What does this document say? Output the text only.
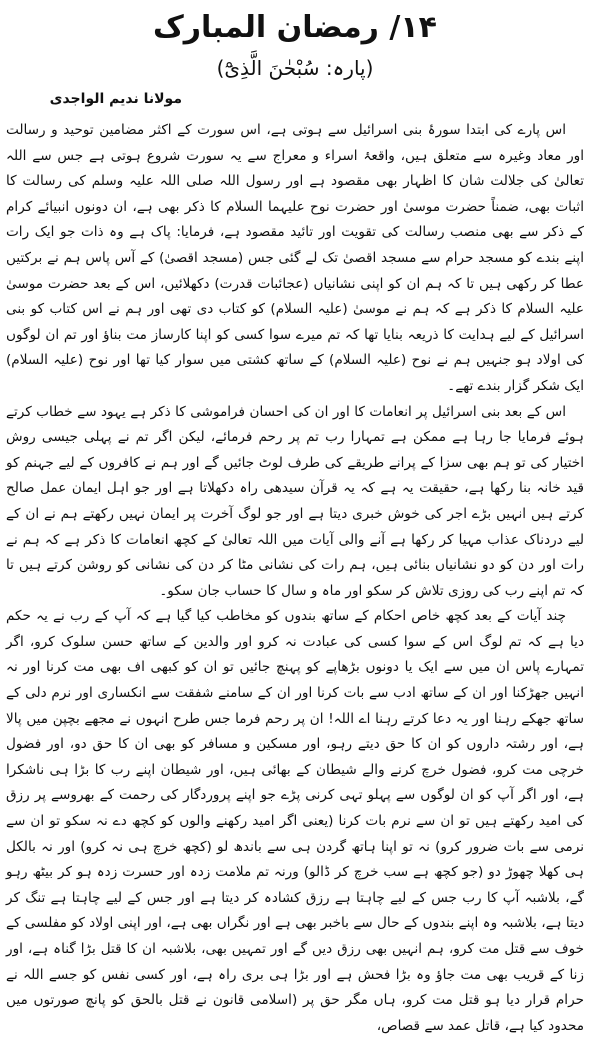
۱۴/ رمضان المبارک
(پارہ: سُبْحٰنَ الَّذِیْٓ)
مولانا ندیم الواجدی

اس پارے کی ابتدا سورۂ بنی اسرائیل سے ہوتی ہے، اس سورت کے اکثر مضامین توحید و رسالت اور معاد وغیرہ سے متعلق ہیں، واقعۂ اسراء و معراج سے یہ سورت شروع ہوتی ہے جس سے اللہ تعالیٰ کی جلالت شان کا اظہار بھی مقصود ہے اور رسول اللہ صلی اللہ علیہ وسلم کی رسالت کا اثبات بھی، ضمناً حضرت موسیٰ اور حضرت نوح علیہما السلام کا ذکر بھی ہے، ان دونوں انبیائے کرام کے ذکر سے بھی منصب رسالت کی تقویت اور تائید مقصود ہے، فرمایا: پاک ہے وہ ذات جو ایک رات اپنے بندے کو مسجد حرام سے مسجد اقصیٰ تک لے گئی جس (مسجد اقصیٰ) کے آس پاس ہم نے برکتیں عطا کر رکھی ہیں تا کہ ہم ان کو اپنی نشانیاں (عجائبات قدرت) دکھلائیں، اس کے بعد حضرت موسیٰ علیہ السلام کا ذکر ہے کہ ہم نے موسیٰ (علیہ السلام) کو کتاب دی تھی اور ہم نے اس کتاب کو بنی اسرائیل کے لیے ہدایت کا ذریعہ بنایا تھا کہ تم میرے سوا کسی کو اپنا کارساز مت بناؤ اور تم ان لوگوں کی اولاد ہو جنہیں ہم نے نوح (علیہ السلام) کے ساتھ کشتی میں سوار کیا تھا اور نوح (علیہ السلام) ایک شکر گزار بندے تھے۔

اس کے بعد بنی اسرائیل پر انعامات کا اور ان کی احسان فراموشی کا ذکر ہے یہود سے خطاب کرتے ہوئے فرمایا جا رہا ہے ممکن ہے تمہارا رب تم پر رحم فرمائے، لیکن اگر تم نے پہلی جیسی روش اختیار کی تو ہم بھی سزا کے پرانے طریقے کی طرف لوٹ جائیں گے اور ہم نے کافروں کے لیے جہنم کو قید خانہ بنا رکھا ہے، حقیقت یہ ہے کہ یہ قرآن سیدھی راہ دکھلاتا ہے اور جو اہل ایمان عمل صالح کرتے ہیں انہیں بڑے اجر کی خوش خبری دیتا ہے اور جو لوگ آخرت پر ایمان نہیں رکھتے ہم نے ان کے لیے دردناک عذاب مہیا کر رکھا ہے آنے والی آیات میں اللہ تعالیٰ کے کچھ انعامات کا ذکر ہے کہ ہم نے رات اور دن کو دو نشانیاں بنائی ہیں، ہم رات کی نشانی مٹا کر دن کی نشانی کو روشن کرتے ہیں تا کہ تم اپنے رب کی روزی تلاش کر سکو اور ماہ و سال کا حساب جان سکو۔

چند آیات کے بعد کچھ خاص احکام کے ساتھ بندوں کو مخاطب کیا گیا ہے کہ آپ کے رب نے یہ حکم دیا ہے کہ تم لوگ اس کے سوا کسی کی عبادت نہ کرو اور والدین کے ساتھ حسن سلوک کرو، اگر تمہارے پاس ان میں سے ایک یا دونوں بڑھاپے کو پہنچ جائیں تو ان کو کبھی اف بھی مت کرنا اور نہ انہیں جھڑکنا اور ان کے ساتھ ادب سے بات کرنا اور ان کے سامنے شفقت سے انکساری اور نرم دلی کے ساتھ جھکے رہنا اور یہ دعا کرتے رہنا اے اللہ! ان پر رحم فرما جس طرح انہوں نے مجھے بچپن میں پالا ہے، اور رشتہ داروں کو ان کا حق دیتے رہو، اور مسکین و مسافر کو بھی ان کا حق دو، اور فضول خرچی مت کرو، فضول خرچ کرنے والے شیطان کے بھائی ہیں، اور شیطان اپنے رب کا بڑا ہی ناشکرا ہے، اور اگر آپ کو ان لوگوں سے پہلو تہی کرنی پڑے جو اپنے پروردگار کی رحمت کے بھروسے پر رزق کی امید رکھتے ہیں تو ان سے نرم بات کرنا (یعنی اگر امید رکھنے والوں کو کچھ دے نہ سکو تو ان سے نرمی سے بات ضرور کرو) نہ تو اپنا ہاتھ گردن ہی سے باندھ لو (کچھ خرچ ہی نہ کرو) اور نہ بالکل ہی کھلا چھوڑ دو (جو کچھ ہے سب خرچ کر ڈالو) ورنہ تم ملامت زدہ اور حسرت زدہ ہو کر بیٹھ رہو گے، بلاشبہ آپ کا رب جس کے لیے چاہتا ہے رزق کشادہ کر دیتا ہے اور جس کے لیے چاہتا ہے تنگ کر دیتا ہے، بلاشبہ وہ اپنے بندوں کے حال سے باخبر بھی ہے اور نگراں بھی ہے، اور اپنی اولاد کو مفلسی کے خوف سے قتل مت کرو، ہم انہیں بھی رزق دیں گے اور تمہیں بھی، بلاشبہ ان کا قتل بڑا گناہ ہے، اور زنا کے قریب بھی مت جاؤ وہ بڑا فحش ہے اور بڑا ہی بری راہ ہے، اور کسی نفس کو جسے اللہ نے حرام قرار دیا ہو قتل مت کرو، ہاں مگر حق پر (اسلامی قانون نے قتل بالحق کو پانچ صورتوں میں محدود کیا ہے، قاتل عمد سے قصاص،
